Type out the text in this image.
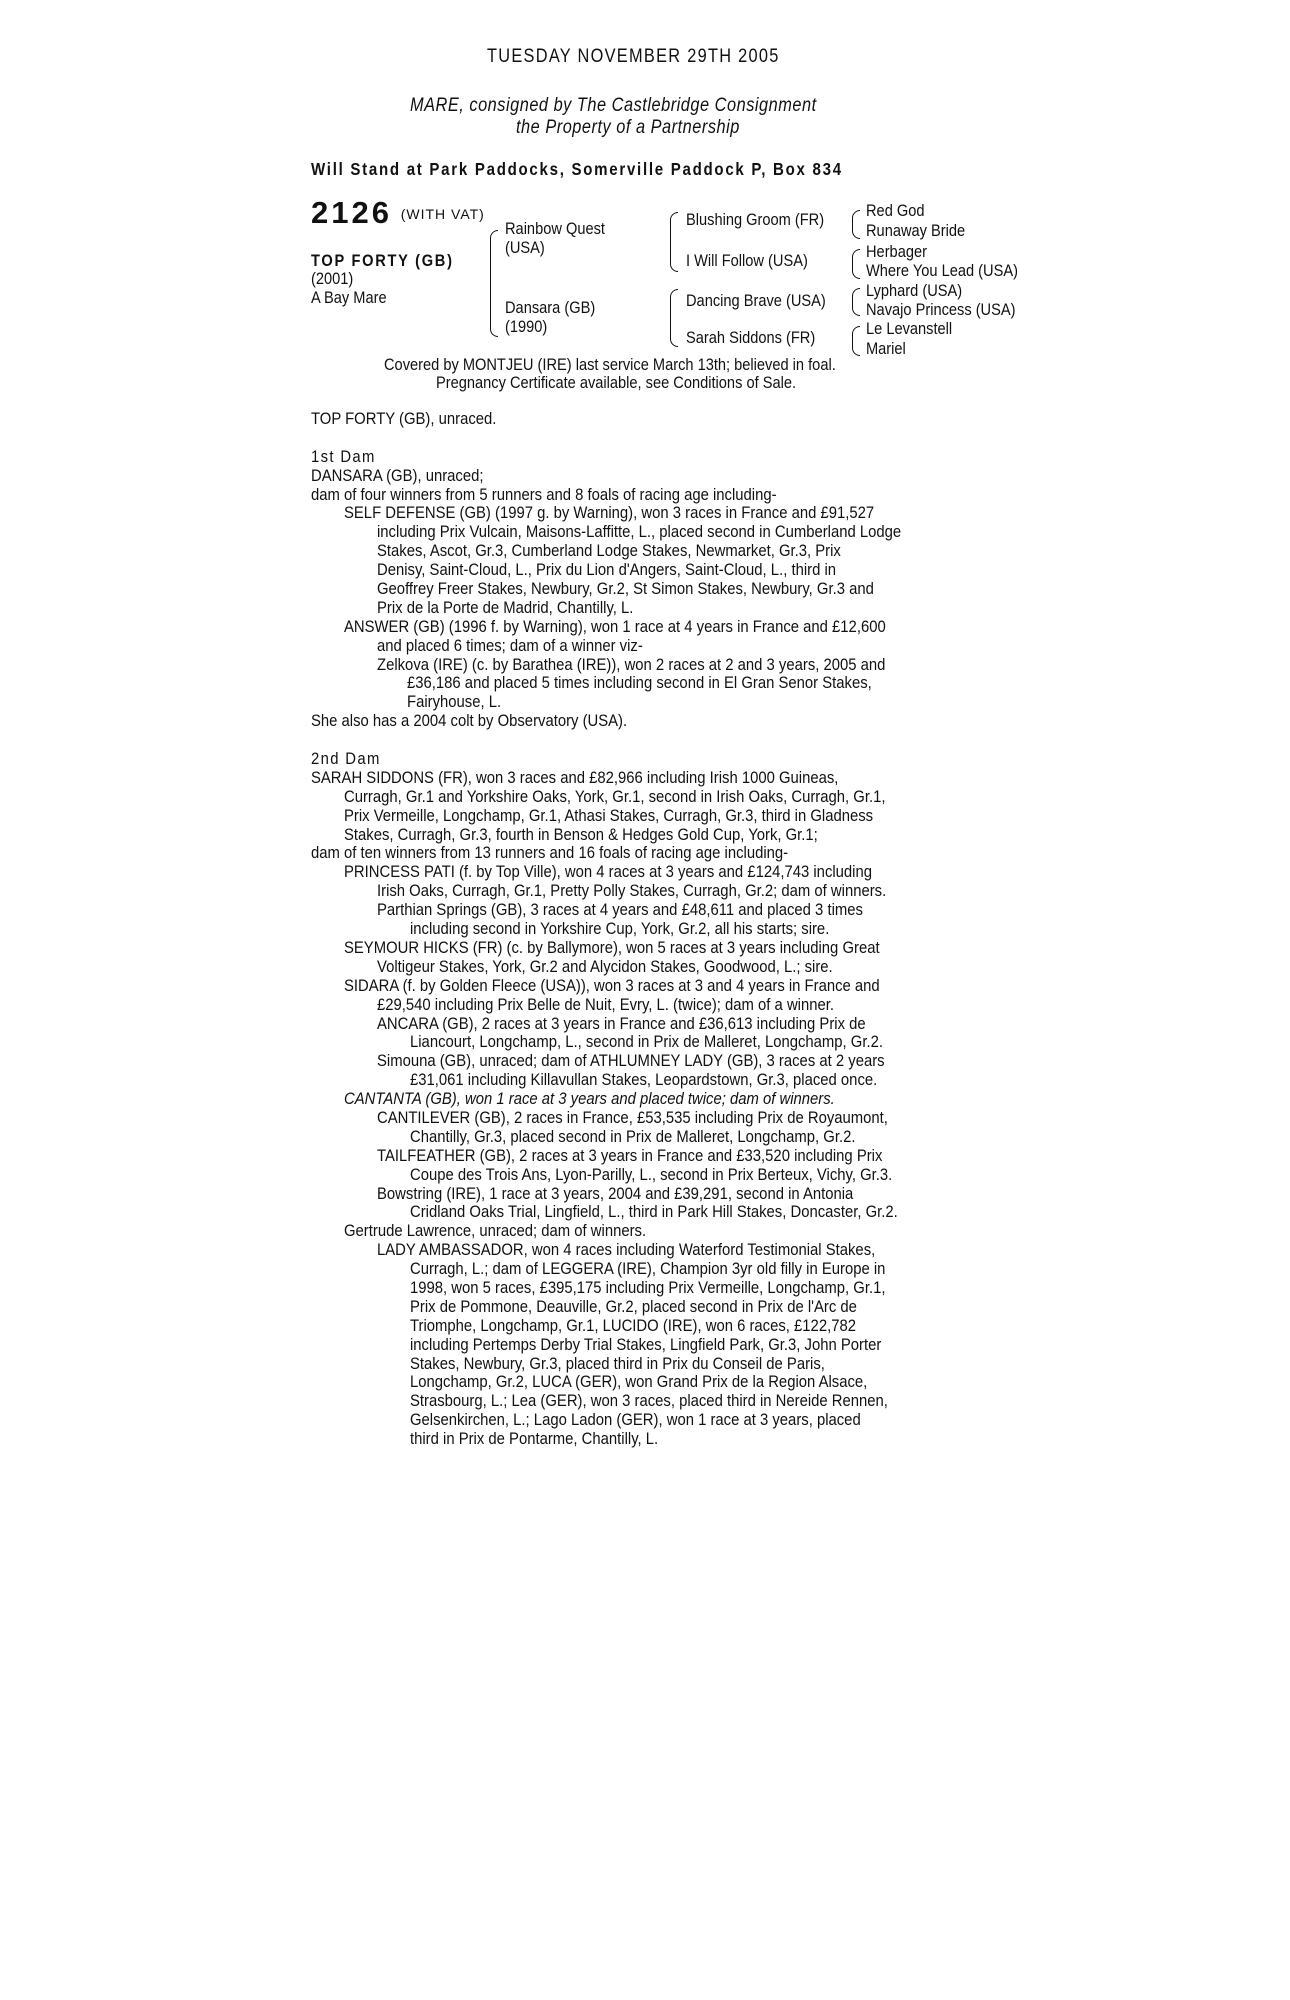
TUESDAY NOVEMBER 29TH 2005
MARE, consigned by The Castlebridge Consignment
the Property of a Partnership
Will Stand at Park Paddocks, Somerville Paddock P, Box 834
2126 $^{(WITH VAT)}$
TOP FORTY (GB)
(2001)
A Bay Mare
Rainbow Quest
(USA)
Dansara (GB)
(1990)
Blushing Groom (FR)
I Will Follow (USA)
Dancing Brave (USA)
Sarah Siddons (FR)
Red God
Runaway Bride
Herbager
Where You Lead (USA)
Lyphard (USA)
Navajo Princess (USA)
Le Levanstell
Mariel
Covered by MONTJEU (IRE) last service March 13th; believed in foal.
Pregnancy Certificate available, see Conditions of Sale.
TOP FORTY (GB), unraced.
1st Dam
DANSARA (GB), unraced;
dam of four winners from 5 runners and 8 foals of racing age including-
SELF DEFENSE (GB) (1997 g. by Warning), won 3 races in France and £91,527
including Prix Vulcain, Maisons-Laffitte, L., placed second in Cumberland Lodge
Stakes, Ascot, Gr.3, Cumberland Lodge Stakes, Newmarket, Gr.3, Prix
Denisy, Saint-Cloud, L., Prix du Lion d'Angers, Saint-Cloud, L., third in
Geoffrey Freer Stakes, Newbury, Gr.2, St Simon Stakes, Newbury, Gr.3 and
Prix de la Porte de Madrid, Chantilly, L.
ANSWER (GB) (1996 f. by Warning), won 1 race at 4 years in France and £12,600
and placed 6 times; dam of a winner viz-
Zelkova (IRE) (c. by Barathea (IRE)), won 2 races at 2 and 3 years, 2005 and
£36,186 and placed 5 times including second in El Gran Senor Stakes,
Fairyhouse, L.
She also has a 2004 colt by Observatory (USA).
2nd Dam
SARAH SIDDONS (FR), won 3 races and £82,966 including Irish 1000 Guineas,
Curragh, Gr.1 and Yorkshire Oaks, York, Gr.1, second in Irish Oaks, Curragh, Gr.1,
Prix Vermeille, Longchamp, Gr.1, Athasi Stakes, Curragh, Gr.3, third in Gladness
Stakes, Curragh, Gr.3, fourth in Benson & Hedges Gold Cup, York, Gr.1;
dam of ten winners from 13 runners and 16 foals of racing age including-
PRINCESS PATI (f. by Top Ville), won 4 races at 3 years and £124,743 including
Irish Oaks, Curragh, Gr.1, Pretty Polly Stakes, Curragh, Gr.2; dam of winners.
Parthian Springs (GB), 3 races at 4 years and £48,611 and placed 3 times
including second in Yorkshire Cup, York, Gr.2, all his starts; sire.
SEYMOUR HICKS (FR) (c. by Ballymore), won 5 races at 3 years including Great
Voltigeur Stakes, York, Gr.2 and Alycidon Stakes, Goodwood, L.; sire.
SIDARA (f. by Golden Fleece (USA)), won 3 races at 3 and 4 years in France and
£29,540 including Prix Belle de Nuit, Evry, L. (twice); dam of a winner.
ANCARA (GB), 2 races at 3 years in France and £36,613 including Prix de
Liancourt, Longchamp, L., second in Prix de Malleret, Longchamp, Gr.2.
Simouna (GB), unraced; dam of ATHLUMNEY LADY (GB), 3 races at 2 years
£31,061 including Killavullan Stakes, Leopardstown, Gr.3, placed once.
CANTANTA (GB), won 1 race at 3 years and placed twice; dam of winners.
CANTILEVER (GB), 2 races in France, £53,535 including Prix de Royaumont,
Chantilly, Gr.3, placed second in Prix de Malleret, Longchamp, Gr.2.
TAILFEATHER (GB), 2 races at 3 years in France and £33,520 including Prix
Coupe des Trois Ans, Lyon-Parilly, L., second in Prix Berteux, Vichy, Gr.3.
Bowstring (IRE), 1 race at 3 years, 2004 and £39,291, second in Antonia
Cridland Oaks Trial, Lingfield, L., third in Park Hill Stakes, Doncaster, Gr.2.
Gertrude Lawrence, unraced; dam of winners.
LADY AMBASSADOR, won 4 races including Waterford Testimonial Stakes,
Curragh, L.; dam of LEGGERA (IRE), Champion 3yr old filly in Europe in
1998, won 5 races, £395,175 including Prix Vermeille, Longchamp, Gr.1,
Prix de Pommone, Deauville, Gr.2, placed second in Prix de l'Arc de
Triomphe, Longchamp, Gr.1, LUCIDO (IRE), won 6 races, £122,782
including Pertemps Derby Trial Stakes, Lingfield Park, Gr.3, John Porter
Stakes, Newbury, Gr.3, placed third in Prix du Conseil de Paris,
Longchamp, Gr.2, LUCA (GER), won Grand Prix de la Region Alsace,
Strasbourg, L.; Lea (GER), won 3 races, placed third in Nereide Rennen,
Gelsenkirchen, L.; Lago Ladon (GER), won 1 race at 3 years, placed
third in Prix de Pontarme, Chantilly, L.
